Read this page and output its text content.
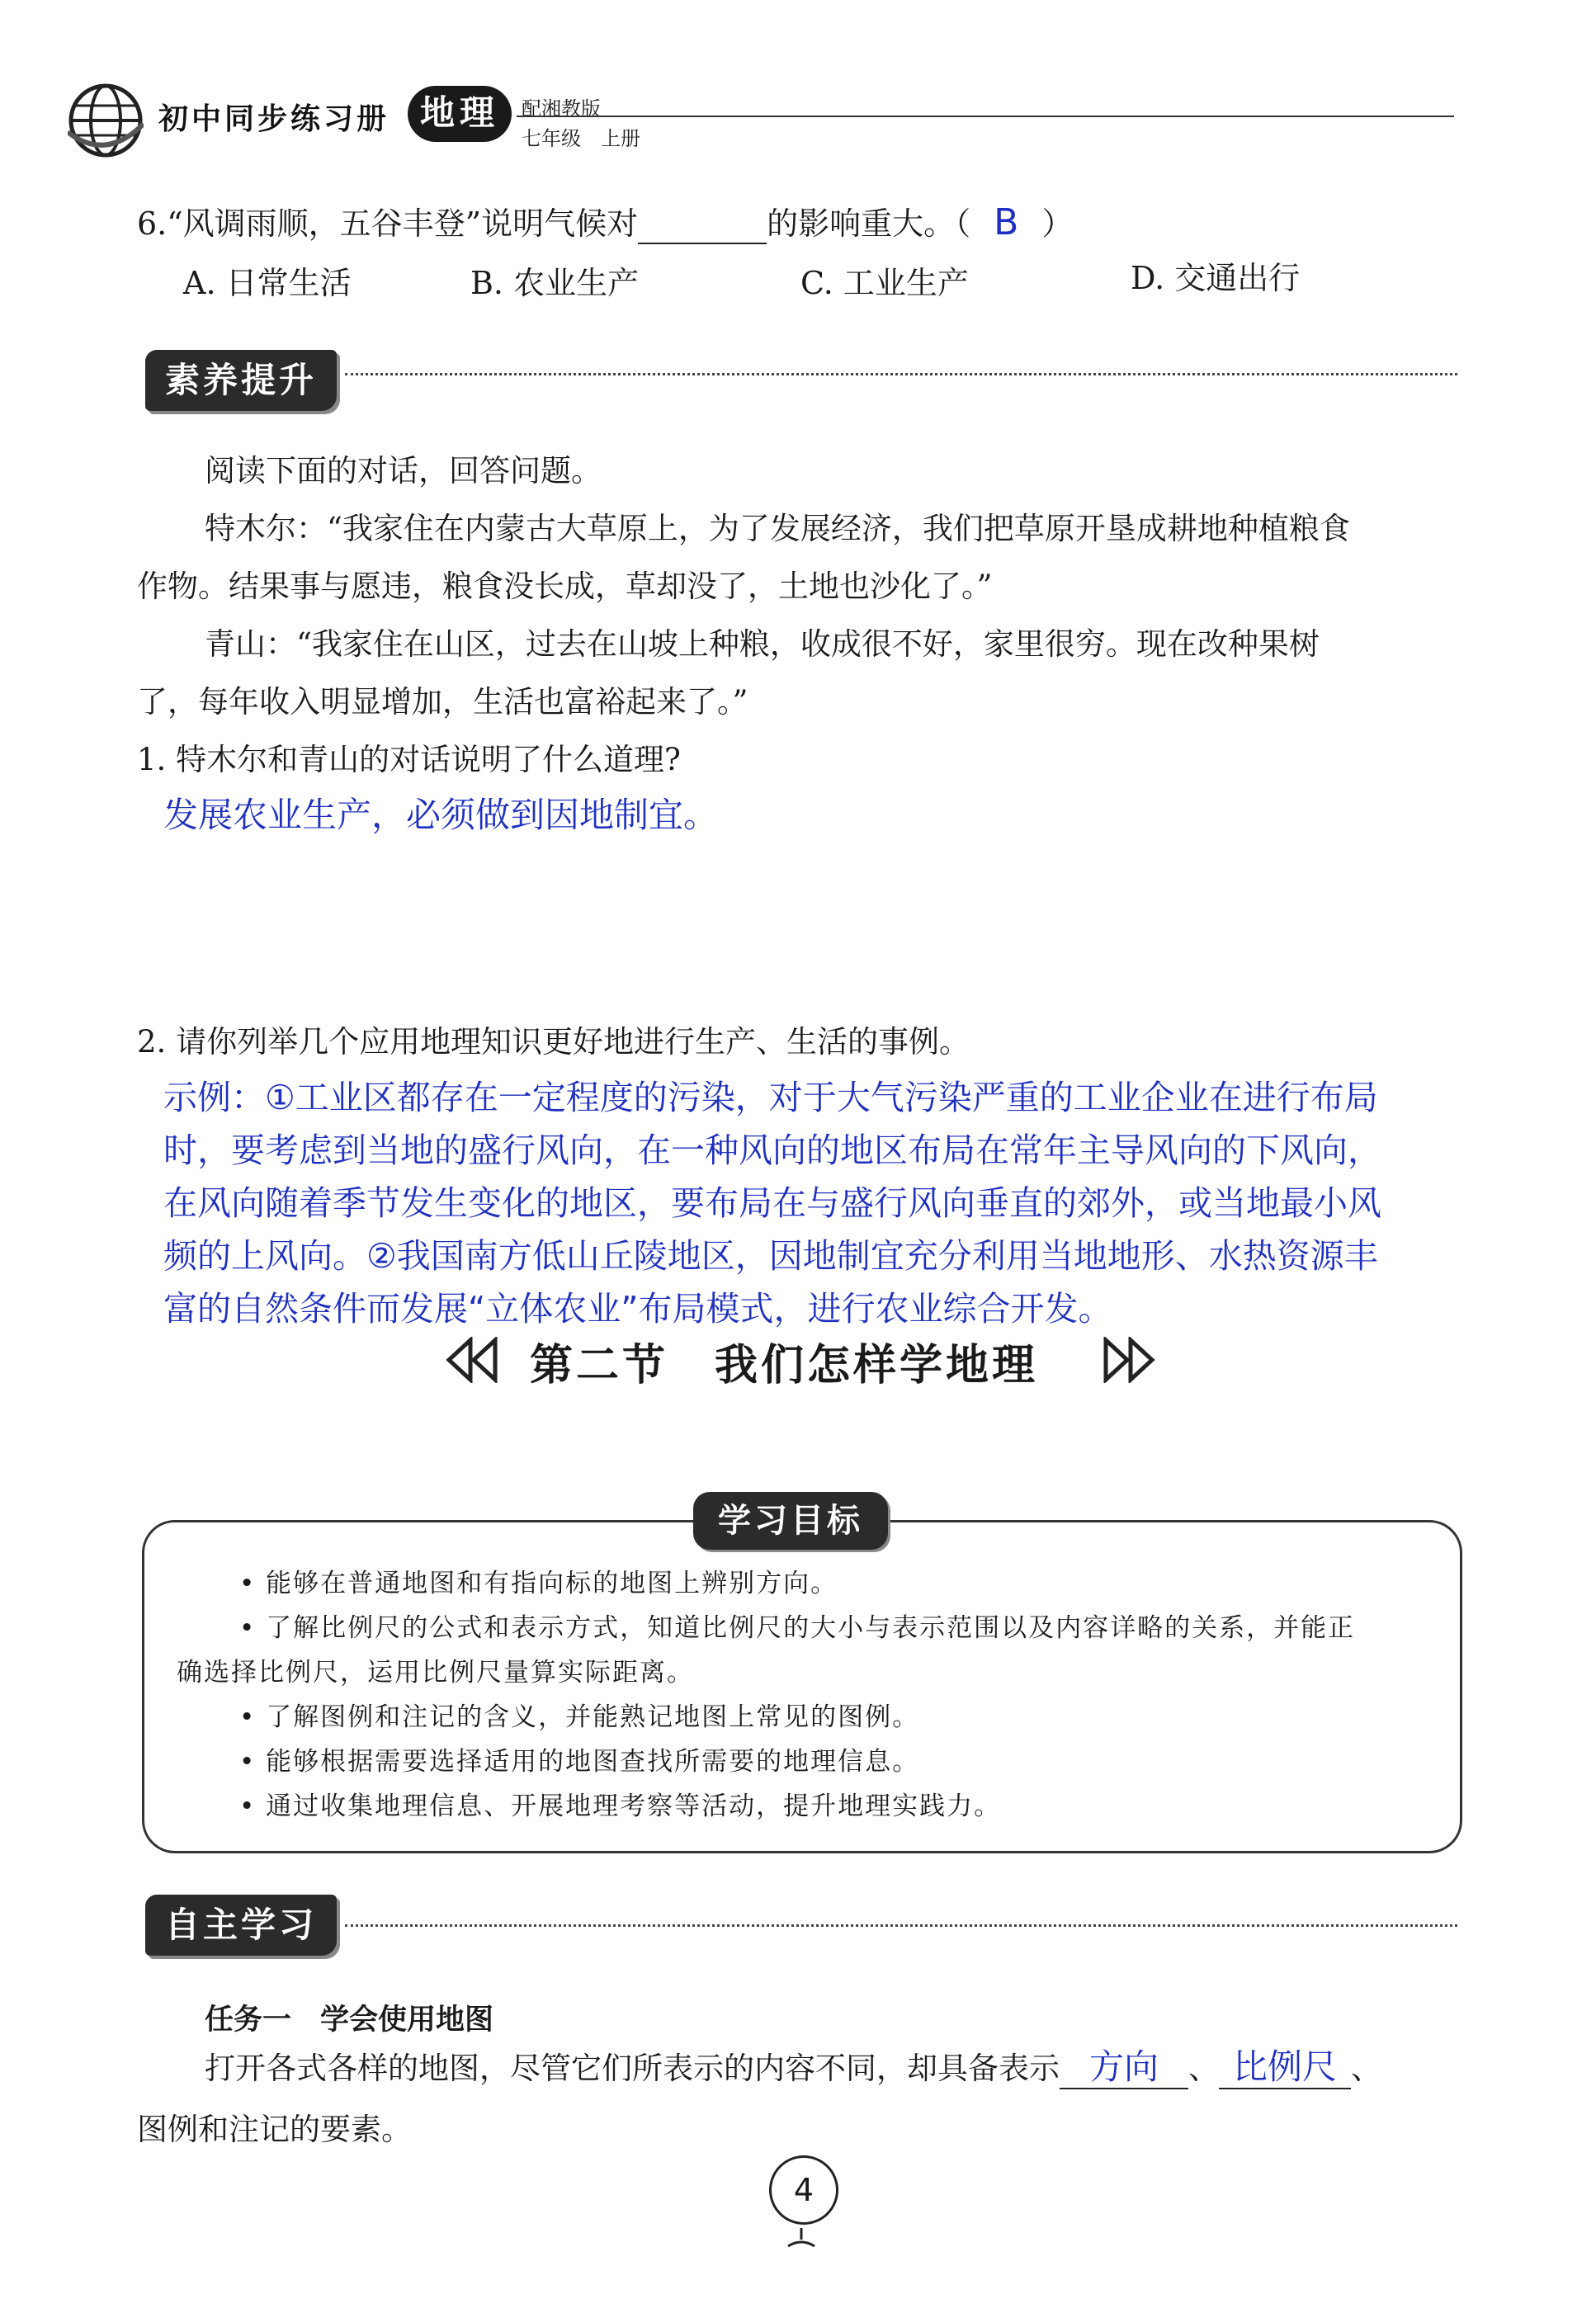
初中同步练习册 地理	配湘教版
七年级　上册
6.“风调雨顺，五谷丰登”说明气候对	的影响重大。（ B ）
A. 日常生活	B. 农业生产	C. 工业生产	D. 交通出行
素养提升
阅读下面的对话，回答问题。
特木尔：“我家住在内蒙古大草原上，为了发展经济，我们把草原开垦成耕地种植粮食
作物。结果事与愿违，粮食没长成，草却没了，土地也沙化了。”
青山：“我家住在山区，过去在山坡上种粮，收成很不好，家里很穷。现在改种果树
了，每年收入明显增加，生活也富裕起来了。”
1. 特木尔和青山的对话说明了什么道理?
发展农业生产，必须做到因地制宜。
2. 请你列举几个应用地理知识更好地进行生产、生活的事例。
示例：①工业区都存在一定程度的污染，对于大气污染严重的工业企业在进行布局
时，要考虑到当地的盛行风向，在一种风向的地区布局在常年主导风向的下风向，
在风向随着季节发生变化的地区，要布局在与盛行风向垂直的郊外，或当地最小风
频的上风向。②我国南方低山丘陵地区，因地制宜充分利用当地地形、水热资源丰
富的自然条件而发展“立体农业”布局模式，进行农业综合开发。
第二节　我们怎样学地理
学习目标
• 能够在普通地图和有指向标的地图上辨别方向。
• 了解比例尺的公式和表示方式，知道比例尺的大小与表示范围以及内容详略的关系，并能正
确选择比例尺，运用比例尺量算实际距离。
• 了解图例和注记的含义，并能熟记地图上常见的图例。
• 能够根据需要选择适用的地图查找所需要的地理信息。
• 通过收集地理信息、开展地理考察等活动，提升地理实践力。
自主学习
任务一　学会使用地图
打开各式各样的地图，尽管它们所表示的内容不同，却具备表示 方向 、 比例尺 、
图例和注记的要素。
4
